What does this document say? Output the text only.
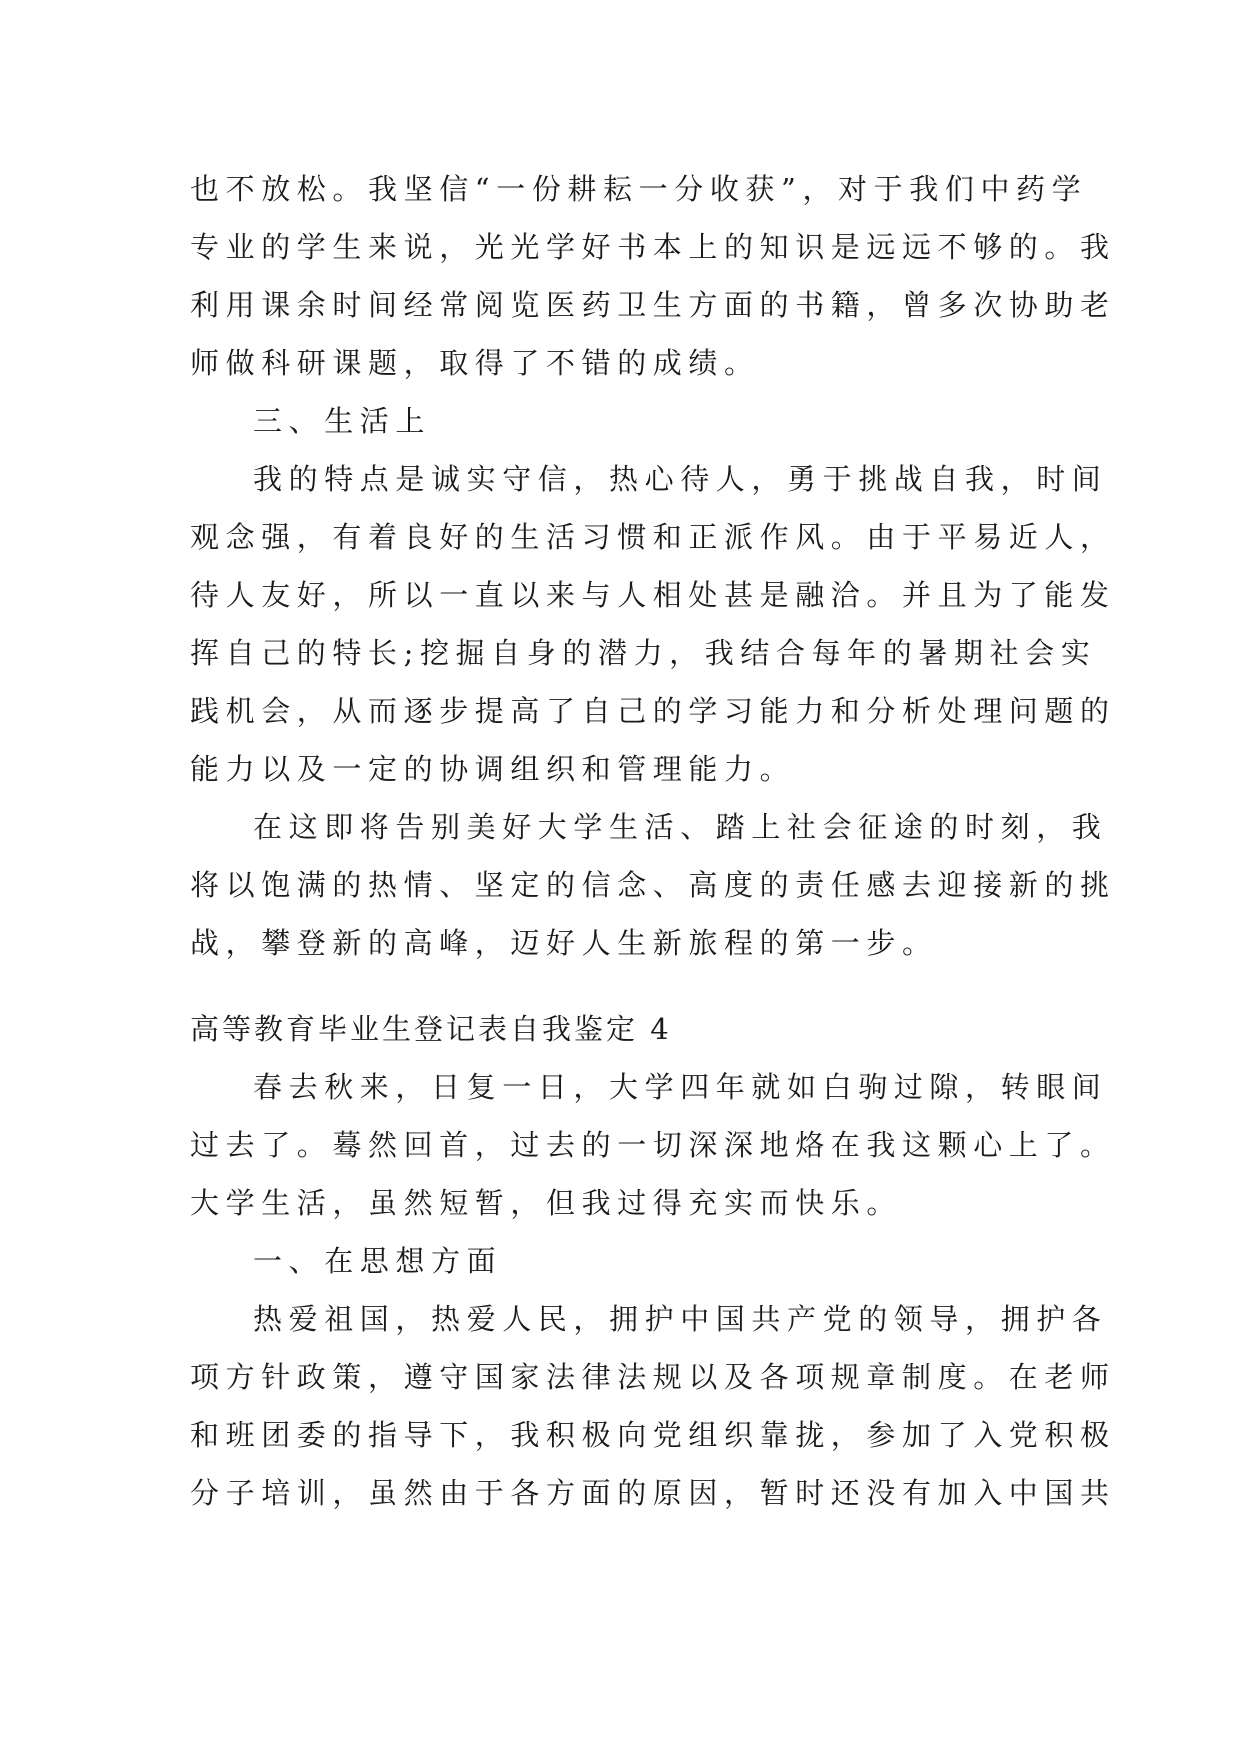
也不放松。我坚信“一份耕耘一分收获”，对于我们中药学
专业的学生来说，光光学好书本上的知识是远远不够的。我
利用课余时间经常阅览医药卫生方面的书籍，曾多次协助老
师做科研课题，取得了不错的成绩。
三、生活上
我的特点是诚实守信，热心待人，勇于挑战自我，时间
观念强，有着良好的生活习惯和正派作风。由于平易近人，
待人友好，所以一直以来与人相处甚是融洽。并且为了能发
挥自己的特长;挖掘自身的潜力，我结合每年的暑期社会实
践机会，从而逐步提高了自己的学习能力和分析处理问题的
能力以及一定的协调组织和管理能力。
在这即将告别美好大学生活、踏上社会征途的时刻，我
将以饱满的热情、坚定的信念、高度的责任感去迎接新的挑
战，攀登新的高峰，迈好人生新旅程的第一步。
高等教育毕业生登记表自我鉴定 4
春去秋来，日复一日，大学四年就如白驹过隙，转眼间
过去了。蓦然回首，过去的一切深深地烙在我这颗心上了。
大学生活，虽然短暂，但我过得充实而快乐。
一、在思想方面
热爱祖国，热爱人民，拥护中国共产党的领导，拥护各
项方针政策，遵守国家法律法规以及各项规章制度。在老师
和班团委的指导下，我积极向党组织靠拢，参加了入党积极
分子培训，虽然由于各方面的原因，暂时还没有加入中国共
